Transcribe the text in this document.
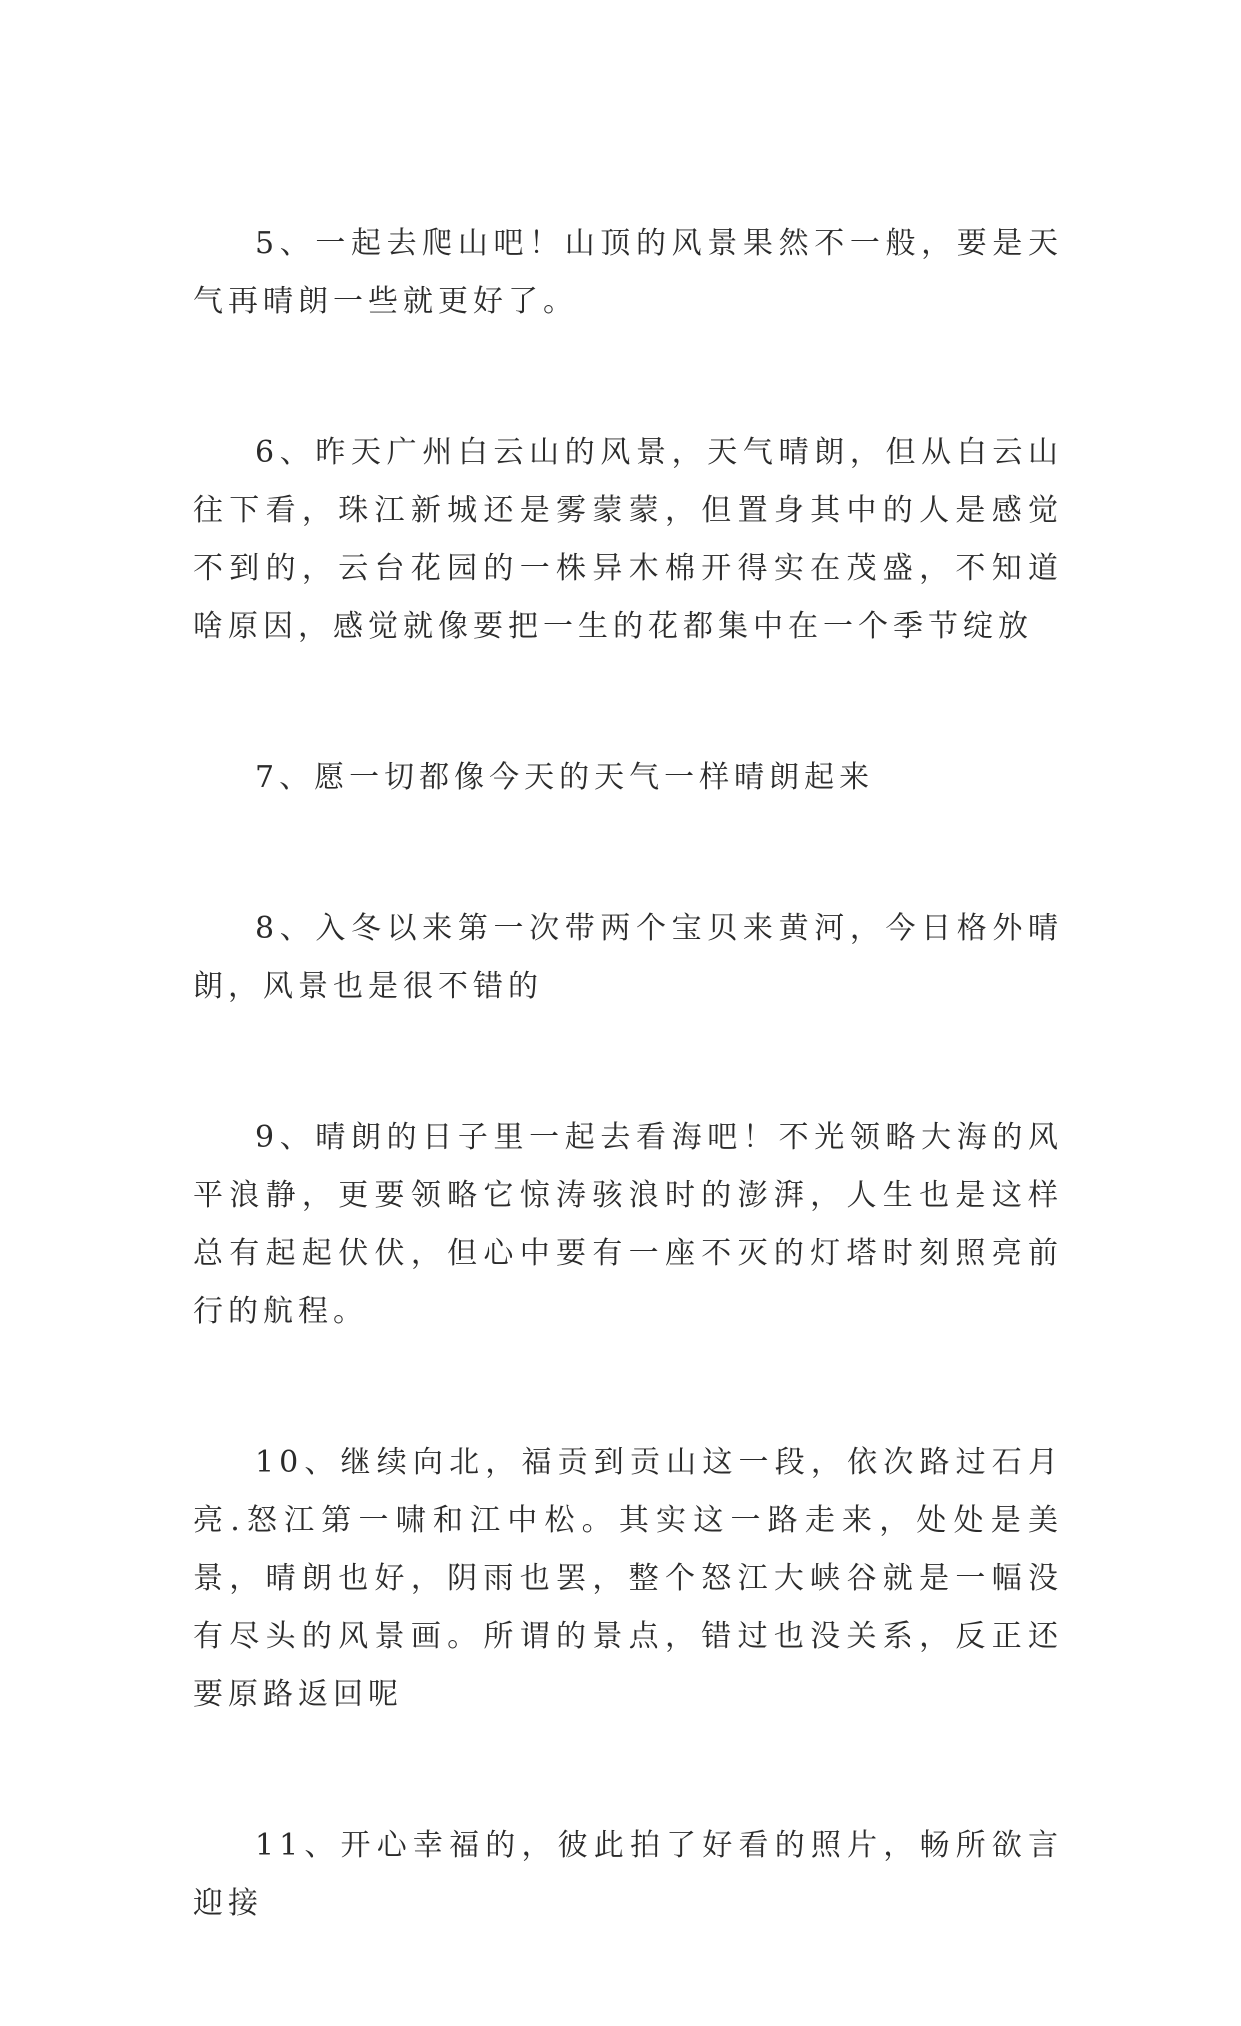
5、一起去爬山吧！山顶的风景果然不一般，要是天气再晴朗一些就更好了。

6、昨天广州白云山的风景，天气晴朗，但从白云山往下看，珠江新城还是雾蒙蒙，但置身其中的人是感觉不到的，云台花园的一株异木棉开得实在茂盛，不知道啥原因，感觉就像要把一生的花都集中在一个季节绽放

7、愿一切都像今天的天气一样晴朗起来

8、入冬以来第一次带两个宝贝来黄河，今日格外晴朗，风景也是很不错的

9、晴朗的日子里一起去看海吧！不光领略大海的风平浪静，更要领略它惊涛骇浪时的澎湃，人生也是这样总有起起伏伏，但心中要有一座不灭的灯塔时刻照亮前行的航程。

10、继续向北，福贡到贡山这一段，依次路过石月亮.怒江第一啸和江中松。其实这一路走来，处处是美景，晴朗也好，阴雨也罢，整个怒江大峡谷就是一幅没有尽头的风景画。所谓的景点，错过也没关系，反正还要原路返回呢

11、开心幸福的，彼此拍了好看的照片，畅所欲言迎接
